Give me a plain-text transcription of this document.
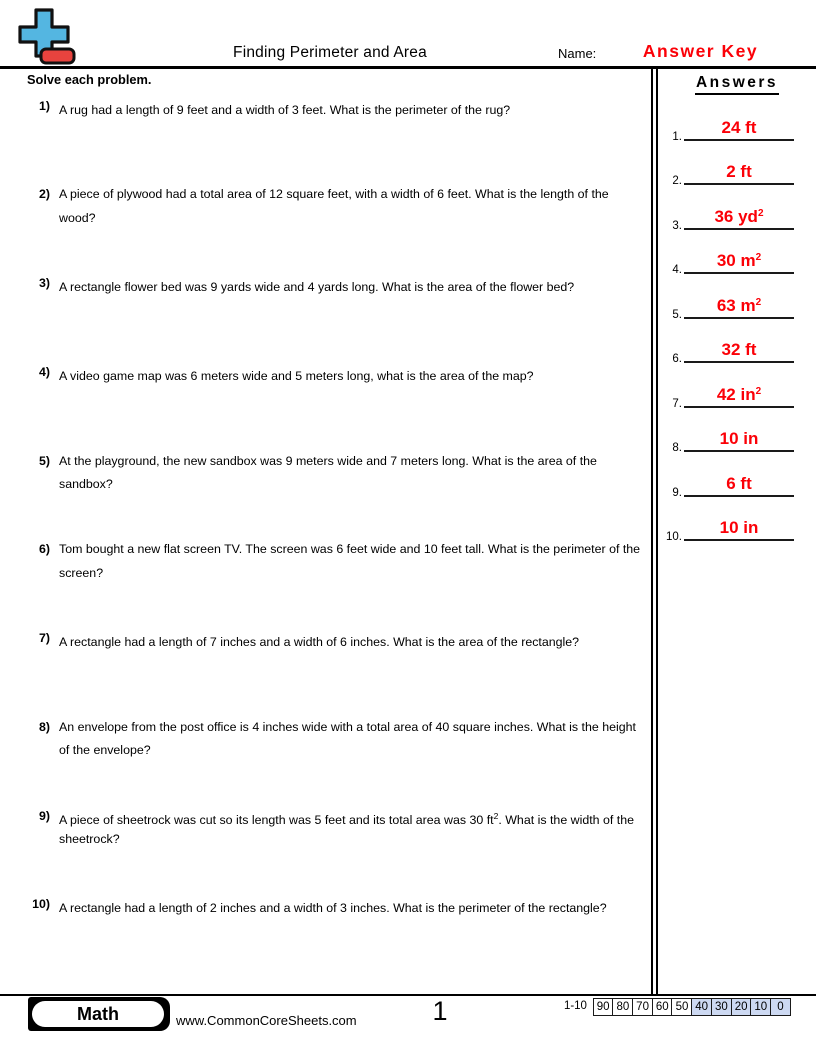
Finding Perimeter and Area	Name:	Answer Key
Solve each problem.
1) A rug had a length of 9 feet and a width of 3 feet. What is the perimeter of the rug?
2) A piece of plywood had a total area of 12 square feet, with a width of 6 feet. What is the length of the wood?
3) A rectangle flower bed was 9 yards wide and 4 yards long. What is the area of the flower bed?
4) A video game map was 6 meters wide and 5 meters long, what is the area of the map?
5) At the playground, the new sandbox was 9 meters wide and 7 meters long. What is the area of the sandbox?
6) Tom bought a new flat screen TV. The screen was 6 feet wide and 10 feet tall. What is the perimeter of the screen?
7) A rectangle had a length of 7 inches and a width of 6 inches. What is the area of the rectangle?
8) An envelope from the post office is 4 inches wide with a total area of 40 square inches. What is the height of the envelope?
9) A piece of sheetrock was cut so its length was 5 feet and its total area was 30 $ft^2$. What is the width of the sheetrock?
10) A rectangle had a length of 2 inches and a width of 3 inches. What is the perimeter of the rectangle?
Answers
1. 24 ft
2.	2 ft
3. 36 $yd^2$
4. 30 $m^2$
5. 63 $m^2$
6. 32 ft
7. 42 $in^2$
8. 10 in
9.	6 ft
10. 10 in
Math	www.CommonCoreSheets.com	1	1-10 90 80 70 60 50 40 30 20 10 0
